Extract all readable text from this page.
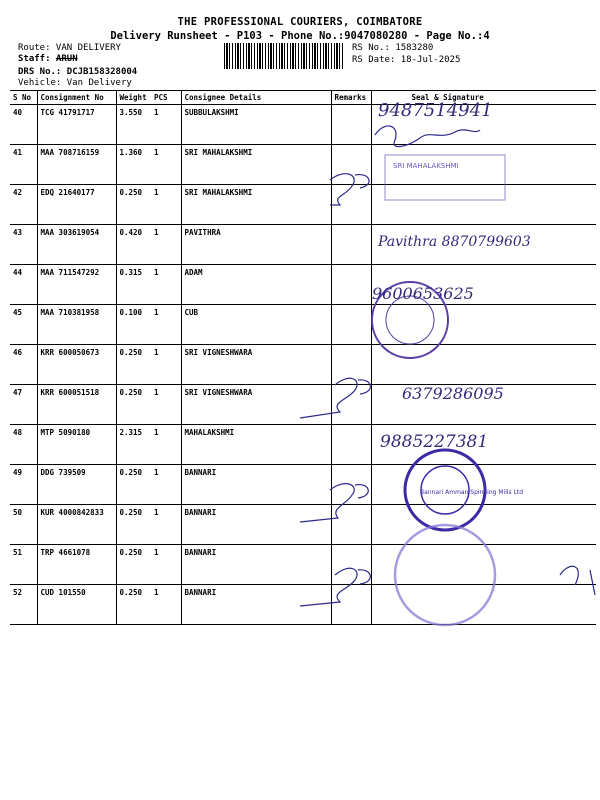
THE PROFESSIONAL COURIERS, COIMBATORE
Delivery Runsheet - P103 - Phone No.:9047080280 - Page No.:4
Route: VAN DELIVERY
Staff: ARUN
DRS No.: DCJB158328004
Vehicle: Van Delivery
RS No.: 1583280
RS Date: 18-Jul-2025
S No	Consignment No	Weight	PCS	Consignee Details	Remarks	Seal & Signature
40	TCG 41791717	3.550	1	SUBBULAKSHMI		
41	MAA 708716159	1.360	1	SRI MAHALAKSHMI		
42	EDQ 21640177	0.250	1	SRI MAHALAKSHMI		
43	MAA 303619054	0.420	1	PAVITHRA		
44	MAA 711547292	0.315	1	ADAM		
45	MAA 710381958	0.100	1	CUB		
46	KRR 600050673	0.250	1	SRI VIGNESHWARA		
47	KRR 600051518	0.250	1	SRI VIGNESHWARA		
48	MTP 5090180	2.315	1	MAHALAKSHMI		
49	DDG 739509	0.250	1	BANNARI		
50	KUR 4000842833	0.250	1	BANNARI		
51	TRP 4661078	0.250	1	BANNARI		
52	CUD 101550	0.250	1	BANNARI		
SRI MAHALAKSHMI
Bannari Amman Spinning Mills Ltd
9487514941
Pavithra 8870799603
9600653625
6379286095
9885227381
